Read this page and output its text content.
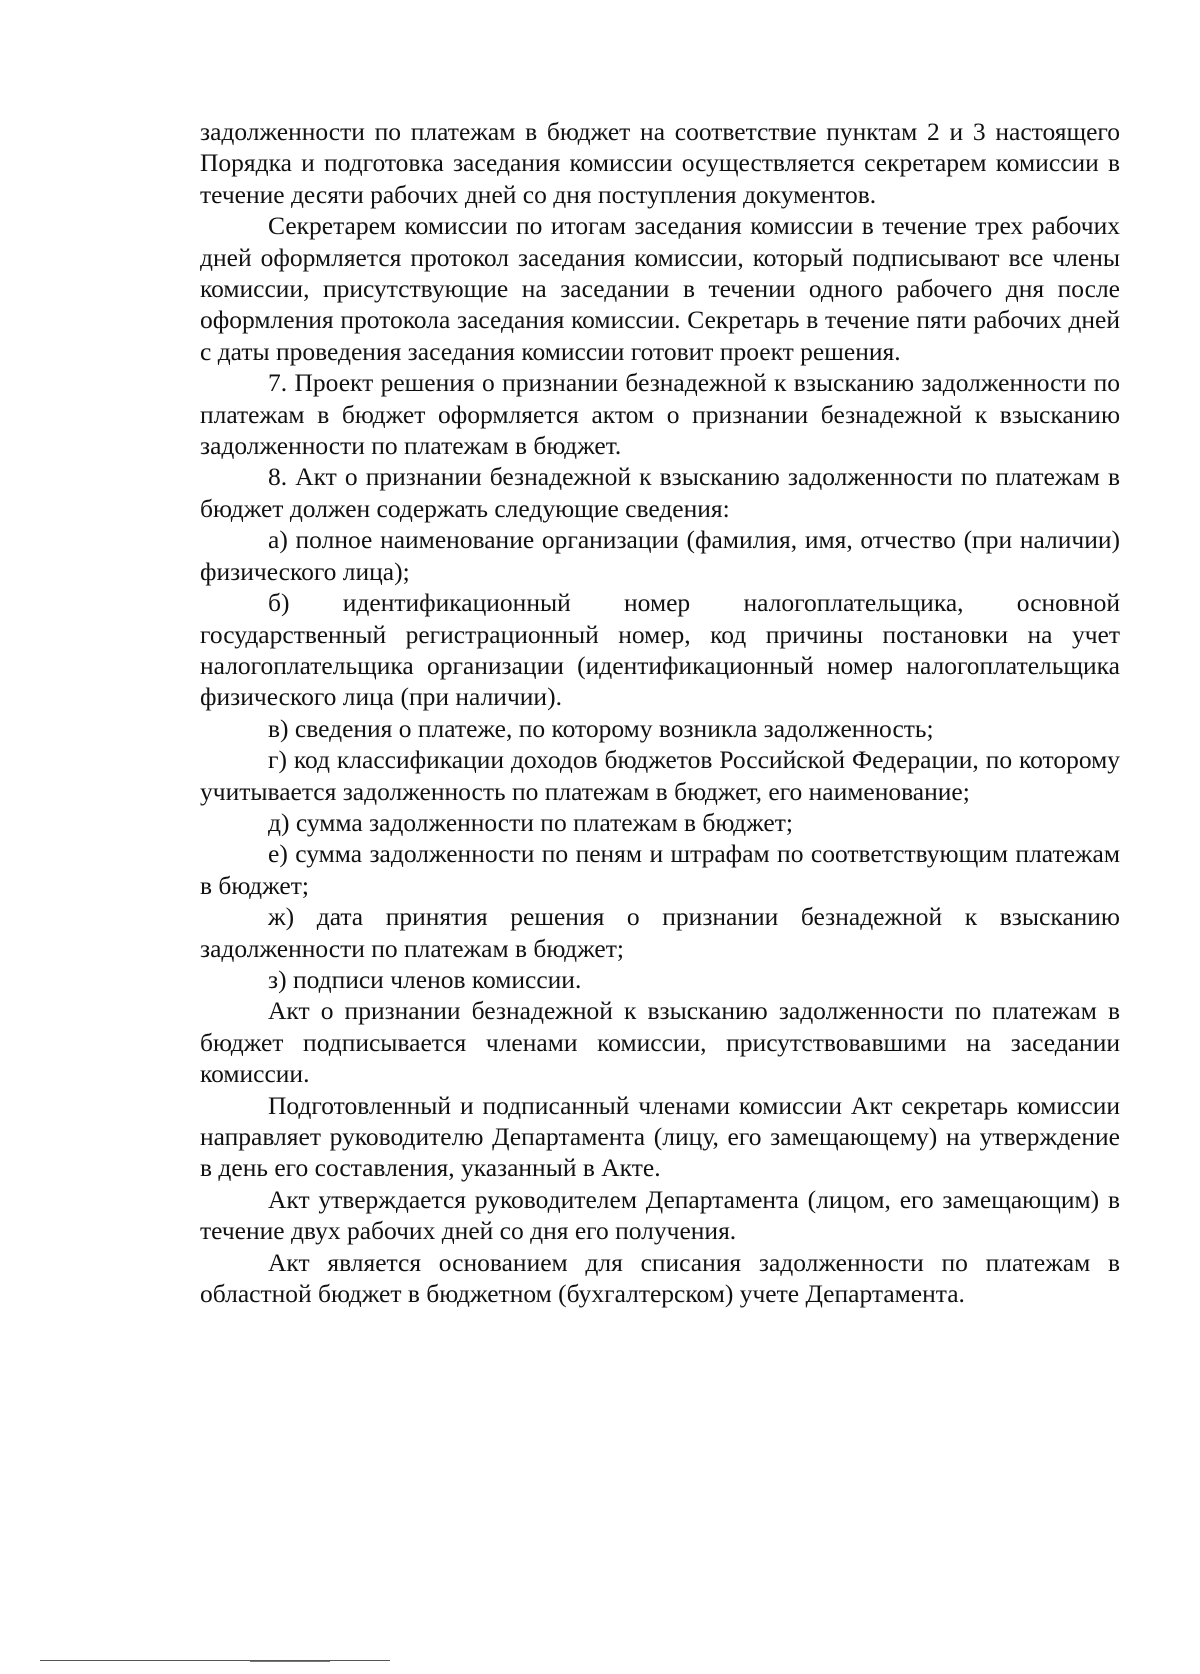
задолженности по платежам в бюджет на соответствие пунктам 2 и 3 настоящего Порядка и подготовка заседания комиссии осуществляется секретарем комиссии в течение десяти рабочих дней со дня поступления документов.

Секретарем комиссии по итогам заседания комиссии в течение трех рабочих дней оформляется протокол заседания комиссии, который подписывают все члены комиссии, присутствующие на заседании в течении одного рабочего дня после оформления протокола заседания комиссии. Секретарь в течение пяти рабочих дней с даты проведения заседания комиссии готовит проект решения.

7. Проект решения о признании безнадежной к взысканию задолженности по платежам в бюджет оформляется актом о признании безнадежной к взысканию задолженности по платежам в бюджет.

8. Акт о признании безнадежной к взысканию задолженности по платежам в бюджет должен содержать следующие сведения:

а) полное наименование организации (фамилия, имя, отчество (при наличии) физического лица);

б) идентификационный номер налогоплательщика, основной государственный регистрационный номер, код причины постановки на учет налогоплательщика организации (идентификационный номер налогоплательщика физического лица (при наличии).

в) сведения о платеже, по которому возникла задолженность;

г) код классификации доходов бюджетов Российской Федерации, по которому учитывается задолженность по платежам в бюджет, его наименование;

д) сумма задолженности по платежам в бюджет;

е) сумма задолженности по пеням и штрафам по соответствующим платежам в бюджет;

ж) дата принятия решения о признании безнадежной к взысканию задолженности по платежам в бюджет;

з) подписи членов комиссии.

Акт о признании безнадежной к взысканию задолженности по платежам в бюджет подписывается членами комиссии, присутствовавшими на заседании комиссии.

Подготовленный и подписанный членами комиссии Акт секретарь комиссии направляет руководителю Департамента (лицу, его замещающему) на утверждение в день его составления, указанный в Акте.

Акт утверждается руководителем Департамента (лицом, его замещающим) в течение двух рабочих дней со дня его получения.

Акт является основанием для списания задолженности по платежам в областной бюджет в бюджетном (бухгалтерском) учете Департамента.
